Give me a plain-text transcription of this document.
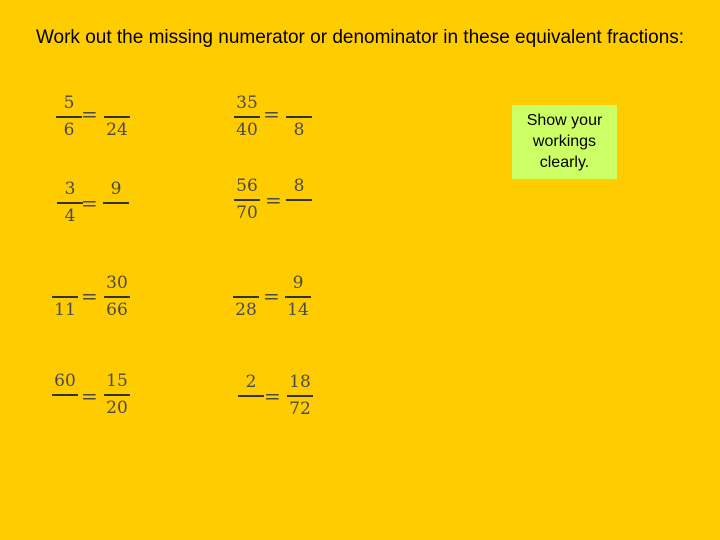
Work out the missing numerator or denominator in these equivalent fractions:
5
6
=
24
35
40
=
8
3
4
=
9	56
70
=
8
11
=
30
66	28
=
9
14
60
=
15
20
2
=
18
72
Show your workings clearly.
